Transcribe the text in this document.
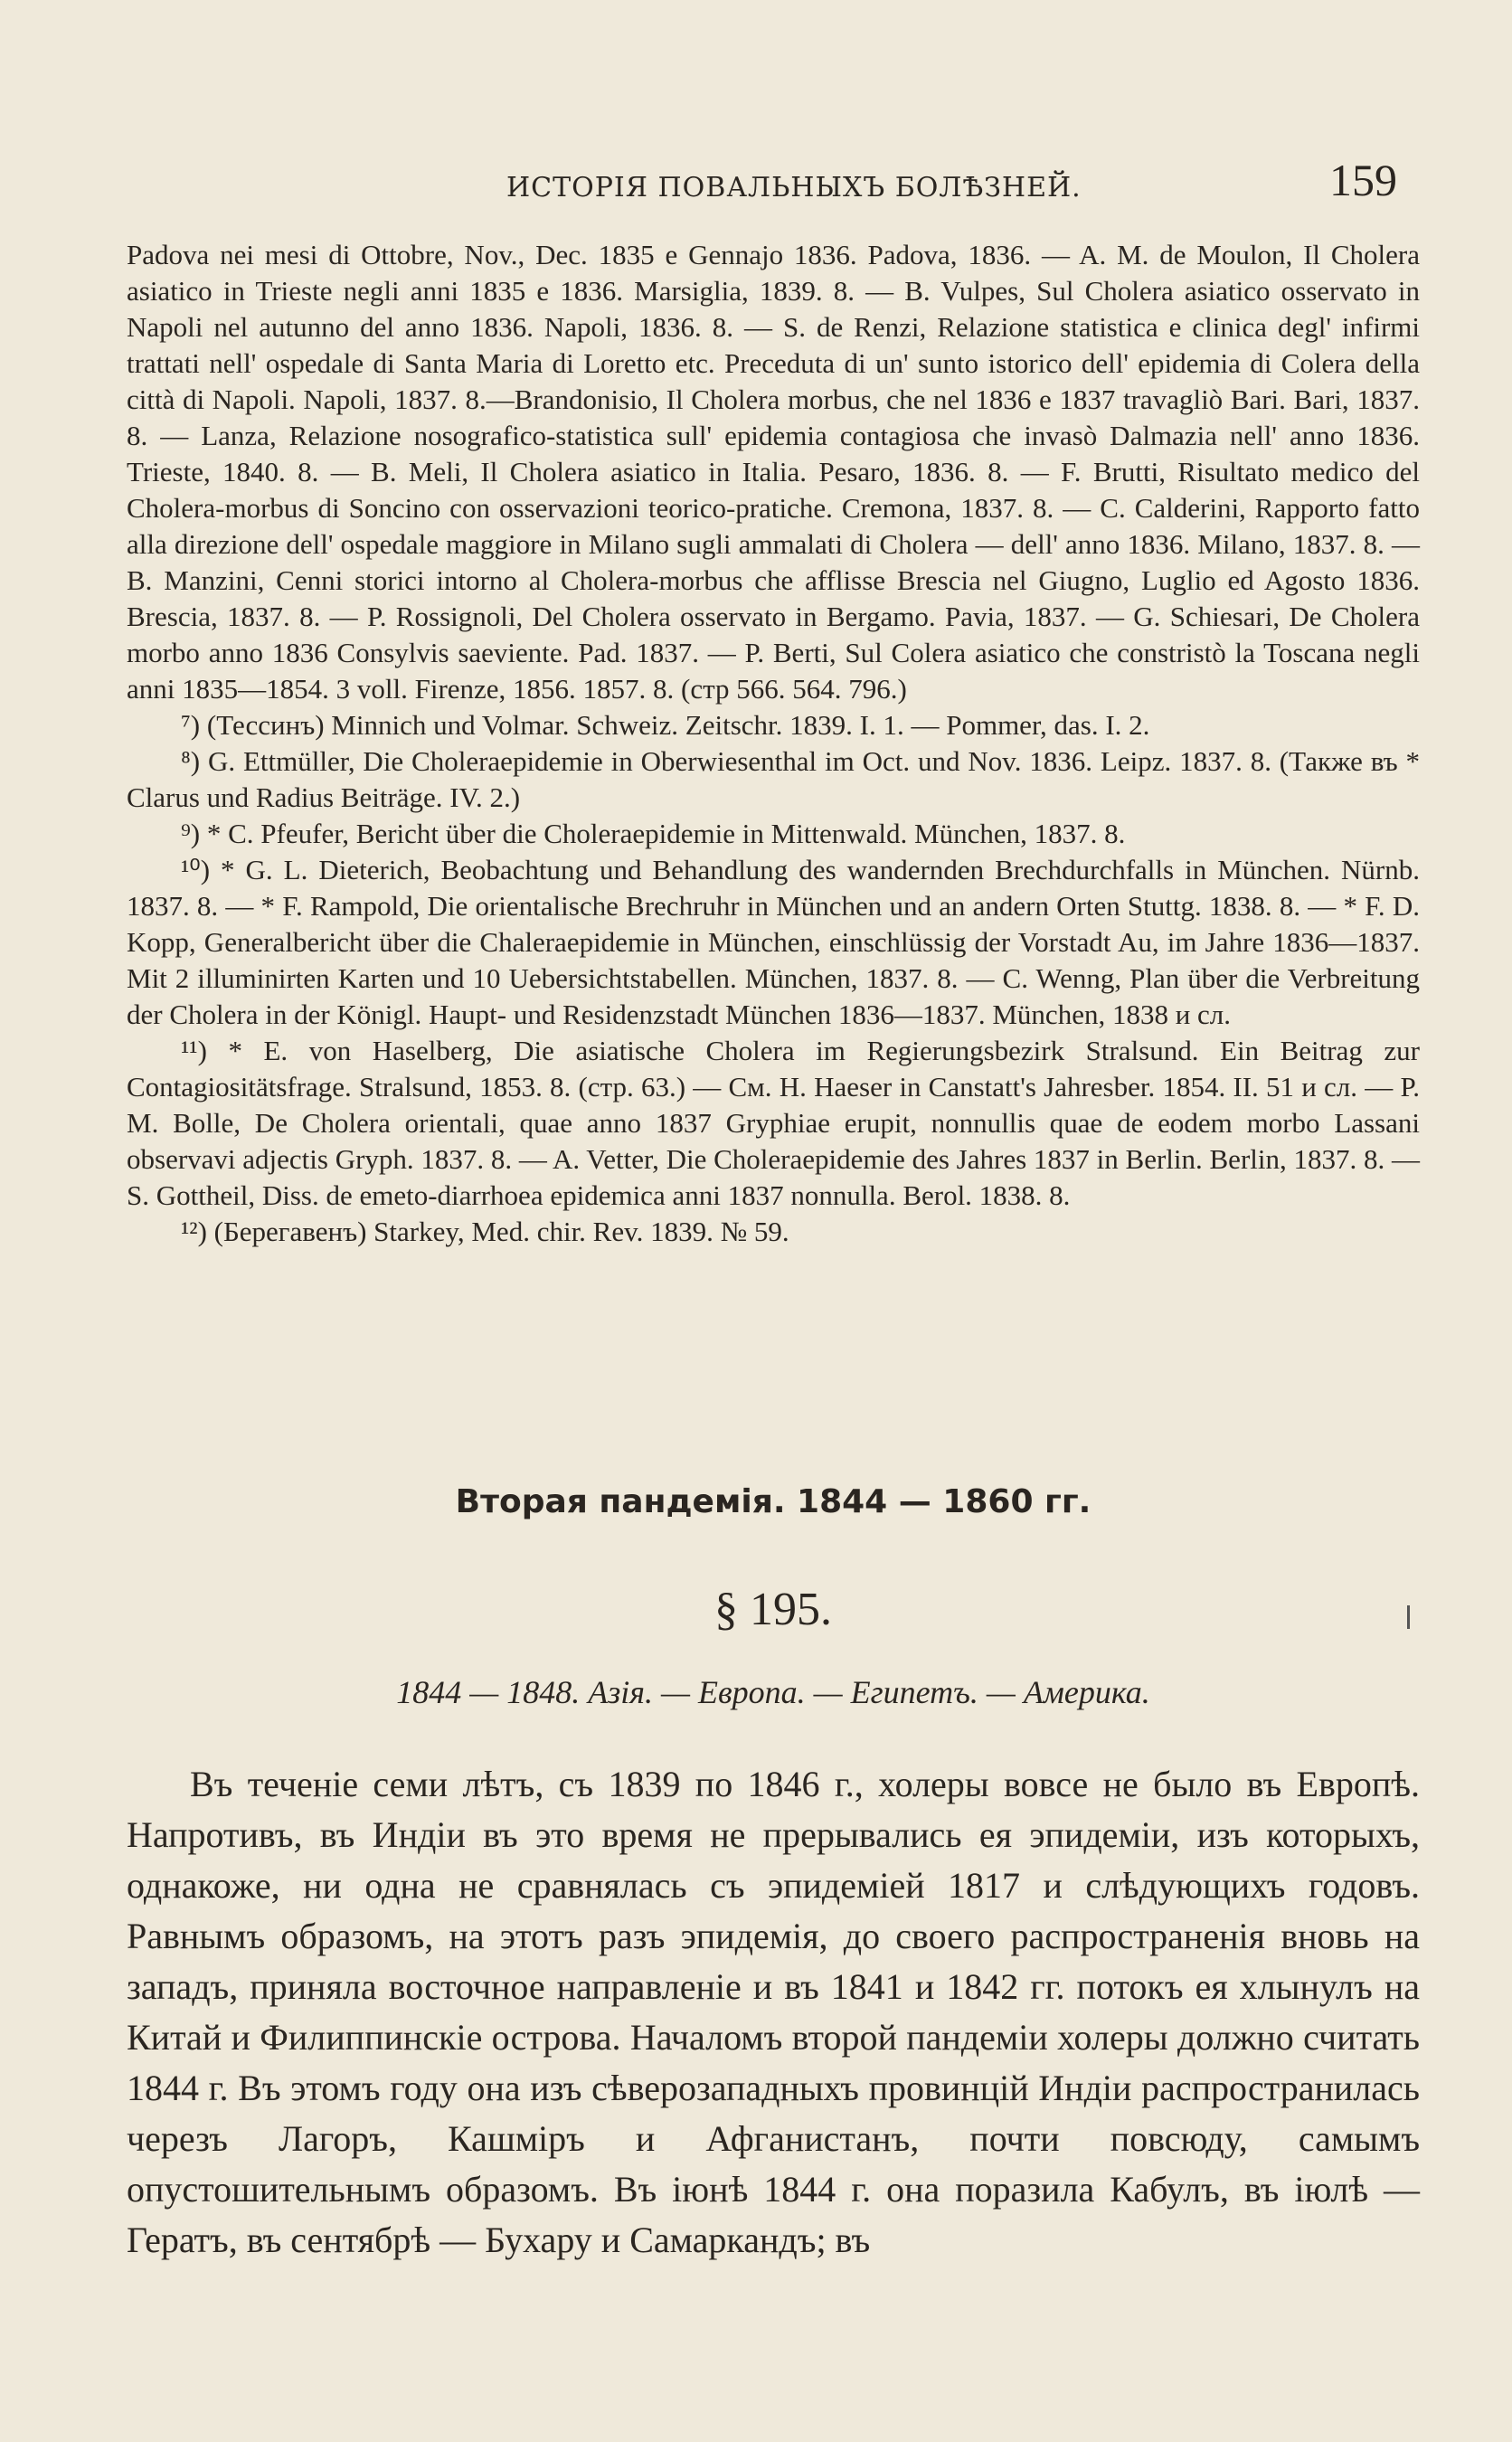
ИСТОРІЯ ПОВАЛЬНЫХЪ БОЛѢЗНЕЙ.	159

Padova nei mesi di Ottobre, Nov., Dec. 1835 e Gennajo 1836. Padova, 1836. — A. M. de Moulon, Il Cholera asiatico in Trieste negli anni 1835 e 1836. Marsiglia, 1839. 8. — B. Vulpes, Sul Cholera asiatico osservato in Napoli nel autunno del anno 1836. Napoli, 1836. 8. — S. de Renzi, Relazione statistica e clinica degl' infirmi trattati nell' ospedale di Santa Maria di Loretto etc. Preceduta di un' sunto istorico dell' epidemia di Colera della città di Napoli. Napoli, 1837. 8.—Brandonisio, Il Cholera morbus, che nel 1836 e 1837 travagliò Bari. Bari, 1837. 8. — Lanza, Relazione nosografico-statistica sull' epidemia contagiosa che invasò Dalmazia nell' anno 1836. Trieste, 1840. 8. — B. Meli, Il Cholera asiatico in Italia. Pesaro, 1836. 8. — F. Brutti, Risultato medico del Cholera-morbus di Soncino con osservazioni teorico-pratiche. Cremona, 1837. 8. — C. Calderini, Rapporto fatto alla direzione dell' ospedale maggiore in Milano sugli ammalati di Cholera — dell' anno 1836. Milano, 1837. 8. — B. Manzini, Cenni storici intorno al Cholera-morbus che afflisse Brescia nel Giugno, Luglio ed Agosto 1836. Brescia, 1837. 8. — P. Rossignoli, Del Cholera osservato in Bergamo. Pavia, 1837. — G. Schiesari, De Cholera morbo anno 1836 Consylvis saeviente. Pad. 1837. — P. Berti, Sul Colera asiatico che constristò la Toscana negli anni 1835—1854. 3 voll. Firenze, 1856. 1857. 8. (стр 566. 564. 796.)

⁷) (Тессинъ) Minnich und Volmar. Schweiz. Zeitschr. 1839. I. 1. — Pommer, das. I. 2.

⁸) G. Ettmüller, Die Choleraepidemie in Oberwiesenthal im Oct. und Nov. 1836. Leipz. 1837. 8. (Также въ * Clarus und Radius Beiträge. IV. 2.)

⁹) * C. Pfeufer, Bericht über die Choleraepidemie in Mittenwald. München, 1837. 8.

¹⁰) * G. L. Dieterich, Beobachtung und Behandlung des wandernden Brechdurchfalls in München. Nürnb. 1837. 8. — * F. Rampold, Die orientalische Brechruhr in München und an andern Orten Stuttg. 1838. 8. — * F. D. Kopp, Generalbericht über die Chaleraepidemie in München, einschlüssig der Vorstadt Au, im Jahre 1836—1837. Mit 2 illuminirten Karten und 10 Uebersichtstabellen. München, 1837. 8. — C. Wenng, Plan über die Verbreitung der Cholera in der Königl. Haupt- und Residenzstadt München 1836—1837. München, 1838 и сл.

¹¹) * E. von Haselberg, Die asiatische Cholera im Regierungsbezirk Stralsund. Ein Beitrag zur Contagiositätsfrage. Stralsund, 1853. 8. (стр. 63.) — См. H. Haeser in Canstatt's Jahresber. 1854. II. 51 и сл. — P. M. Bolle, De Cholera orientali, quae anno 1837 Gryphiae erupit, nonnullis quae de eodem morbo Lassani observavi adjectis Gryph. 1837. 8. — A. Vetter, Die Choleraepidemie des Jahres 1837 in Berlin. Berlin, 1837. 8. — S. Gottheil, Diss. de emeto-diarrhoea epidemica anni 1837 nonnulla. Berol. 1838. 8.

¹²) (Берегавенъ) Starkey, Med. chir. Rev. 1839. № 59.

Вторая пандемія. 1844 — 1860 гг.
§ 195.
1844 — 1848. Азія. — Европа. — Египетъ. — Америка.
Въ теченіе семи лѣтъ, съ 1839 по 1846 г., холеры вовсе не было въ Европѣ. Напротивъ, въ Индіи въ это время не прерывались ея эпидеміи, изъ которыхъ, однакоже, ни одна не сравнялась съ эпидеміей 1817 и слѣдующихъ годовъ. Равнымъ образомъ, на этотъ разъ эпидемія, до своего распространенія вновь на западъ, приняла восточное направленіе и въ 1841 и 1842 гг. потокъ ея хлынулъ на Китай и Филиппинскіе острова. Началомъ второй пандеміи холеры должно считать 1844 г. Въ этомъ году она изъ сѣверозападныхъ провинцій Индіи распространилась черезъ Лагоръ, Кашміръ и Афганистанъ, почти повсюду, самымъ опустошительнымъ образомъ. Въ іюнѣ 1844 г. она поразила Кабулъ, въ іюлѣ — Гератъ, въ сентябрѣ — Бухару и Самаркандъ; въ
